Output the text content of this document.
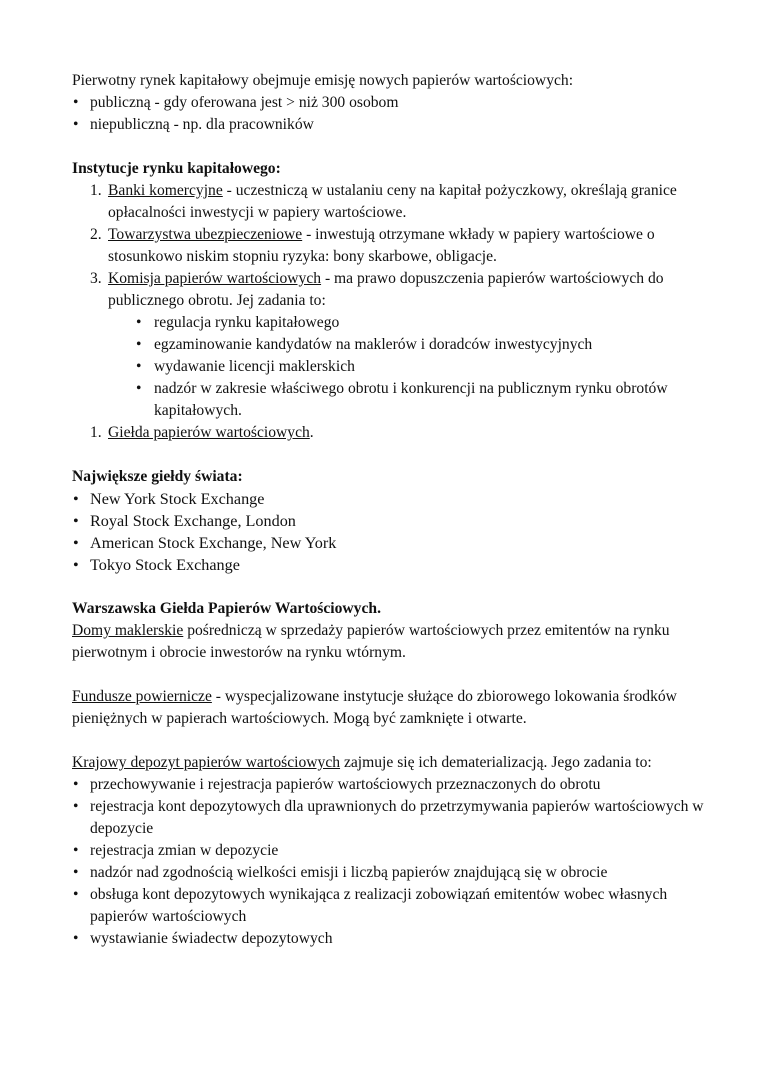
Pierwotny rynek kapitałowy obejmuje emisję nowych papierów wartościowych:

• publiczną - gdy oferowana jest > niż 300 osobom
• niepubliczną - np. dla pracowników

Instytucje rynku kapitałowego:

1. Banki komercyjne - uczestniczą w ustalaniu ceny na kapitał pożyczkowy, określają granice opłacalności inwestycji w papiery wartościowe.
2. Towarzystwa ubezpieczeniowe - inwestują otrzymane wkłady w papiery wartościowe o stosunkowo niskim stopniu ryzyka: bony skarbowe, obligacje.
3. Komisja papierów wartościowych - ma prawo dopuszczenia papierów wartościowych do publicznego obrotu. Jej zadania to:
• regulacja rynku kapitałowego
• egzaminowanie kandydatów na maklerów i doradców inwestycyjnych
• wydawanie licencji maklerskich
• nadzór w zakresie właściwego obrotu i konkurencji na publicznym rynku obrotów kapitałowych.
1. Giełda papierów wartościowych.

Największe giełdy świata:

• New York Stock Exchange
• Royal Stock Exchange, London
• American Stock Exchange, New York
• Tokyo Stock Exchange

Warszawska Giełda Papierów Wartościowych.

Domy maklerskie pośredniczą w sprzedaży papierów wartościowych przez emitentów na rynku pierwotnym i obrocie inwestorów na rynku wtórnym.

Fundusze powiernicze - wyspecjalizowane instytucje służące do zbiorowego lokowania środków pieniężnych w papierach wartościowych. Mogą być zamknięte i otwarte.

Krajowy depozyt papierów wartościowych zajmuje się ich dematerializacją. Jego zadania to:

• przechowywanie i rejestracja papierów wartościowych przeznaczonych do obrotu
• rejestracja kont depozytowych dla uprawnionych do przetrzymywania papierów wartościowych w depozycie
• rejestracja zmian w depozycie
• nadzór nad zgodnością wielkości emisji i liczbą papierów znajdującą się w obrocie
• obsługa kont depozytowych wynikająca z realizacji zobowiązań emitentów wobec własnych papierów wartościowych
• wystawianie świadectw depozytowych
